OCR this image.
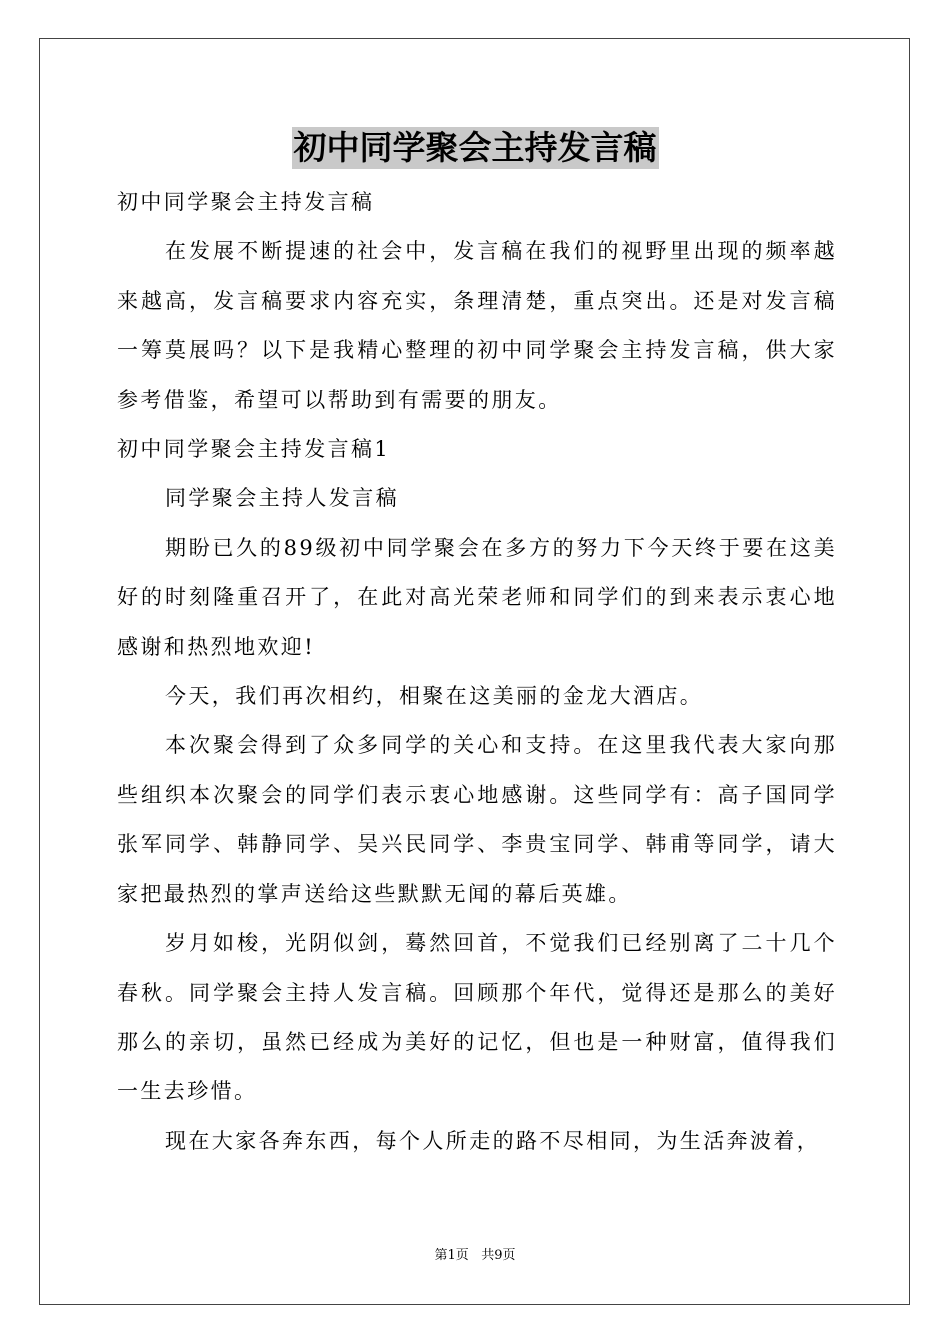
初中同学聚会主持发言稿

初中同学聚会主持发言稿

在发展不断提速的社会中，发言稿在我们的视野里出现的频率越来越高，发言稿要求内容充实，条理清楚，重点突出。还是对发言稿一筹莫展吗？以下是我精心整理的初中同学聚会主持发言稿，供大家参考借鉴，希望可以帮助到有需要的朋友。

初中同学聚会主持发言稿1

同学聚会主持人发言稿

期盼已久的89级初中同学聚会在多方的努力下今天终于要在这美好的时刻隆重召开了，在此对高光荣老师和同学们的到来表示衷心地感谢和热烈地欢迎!

今天，我们再次相约，相聚在这美丽的金龙大酒店。

本次聚会得到了众多同学的关心和支持。在这里我代表大家向那些组织本次聚会的同学们表示衷心地感谢。这些同学有：高子国同学张军同学、韩静同学、吴兴民同学、李贵宝同学、韩甫等同学，请大家把最热烈的掌声送给这些默默无闻的幕后英雄。

岁月如梭，光阴似剑，蓦然回首，不觉我们已经别离了二十几个春秋。同学聚会主持人发言稿。回顾那个年代，觉得还是那么的美好那么的亲切，虽然已经成为美好的记忆，但也是一种财富，值得我们一生去珍惜。

现在大家各奔东西，每个人所走的路不尽相同，为生活奔波着，

第1页 共9页
